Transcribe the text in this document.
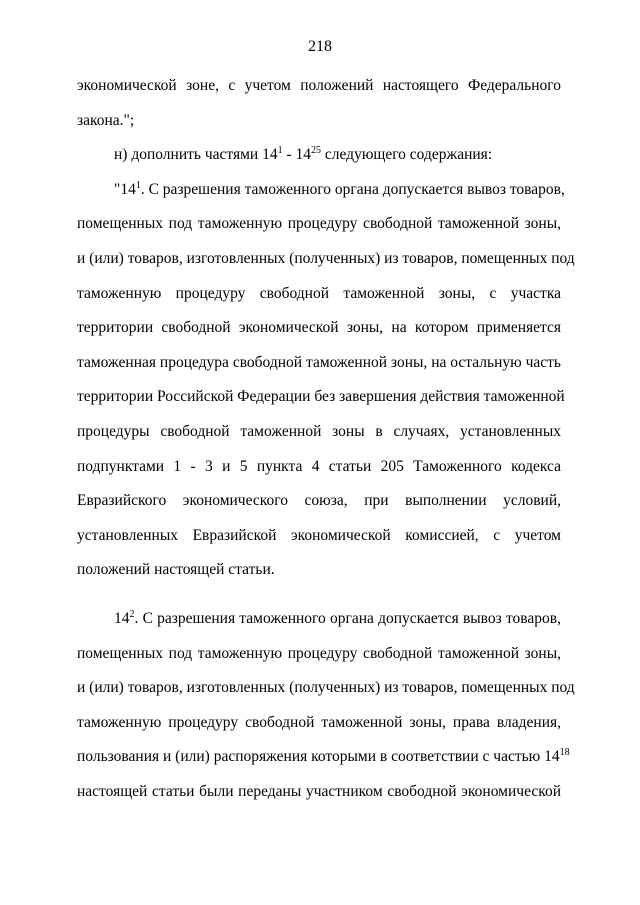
218
экономической зоне, с учетом положений настоящего Федерального
закона.";
н) дополнить частями $14^1 - 14^{25}$ следующего содержания:
"$14^1$. С разрешения таможенного органа допускается вывоз товаров,
помещенных под таможенную процедуру свободной таможенной зоны,
и (или) товаров, изготовленных (полученных) из товаров, помещенных под
таможенную процедуру свободной таможенной зоны, с участка
территории свободной экономической зоны, на котором применяется
таможенная процедура свободной таможенной зоны, на остальную часть
территории Российской Федерации без завершения действия таможенной
процедуры свободной таможенной зоны в случаях, установленных
подпунктами 1 - 3 и 5 пункта 4 статьи 205 Таможенного кодекса
Евразийского экономического союза, при выполнении условий,
установленных Евразийской экономической комиссией, с учетом
положений настоящей статьи.
$14^2$. С разрешения таможенного органа допускается вывоз товаров,
помещенных под таможенную процедуру свободной таможенной зоны,
и (или) товаров, изготовленных (полученных) из товаров, помещенных под
таможенную процедуру свободной таможенной зоны, права владения,
пользования и (или) распоряжения которыми в соответствии с частью $14^{18}$
настоящей статьи были переданы участником свободной экономической
